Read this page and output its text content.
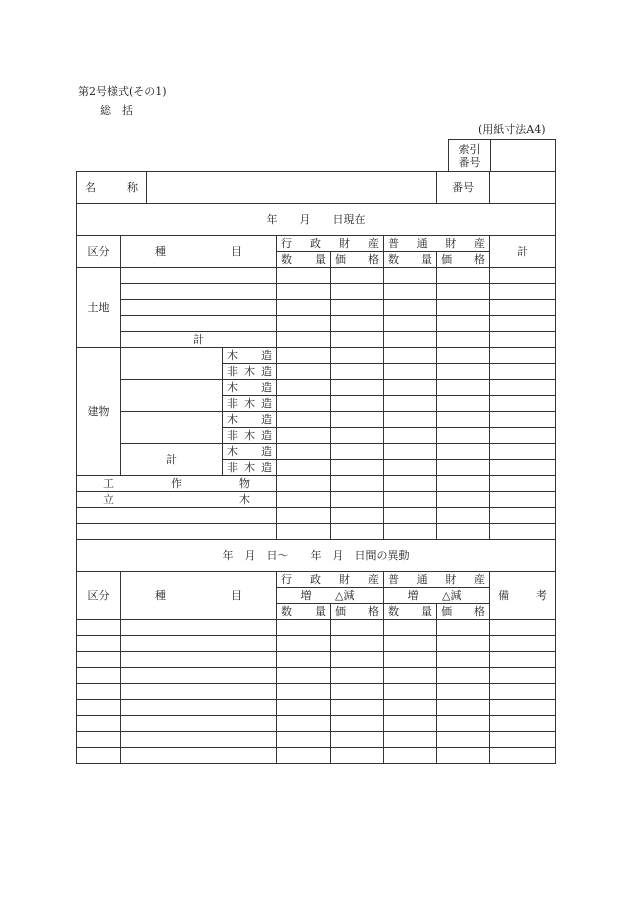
第2号様式(その1)
総　括
(用紙寸法A4)
索引
番号

名　　称							番号	
年　　月　　日現在								
区分	種　　目			行政財産		普通財産		計
				数量	価格	数量	価格	
土地								

	計							
建物			木造					
			非木造					
			木造					
			非木造					
			木造					
			非木造					
	計		木造					
			非木造					
工　作　物								
立　　木								

年　月　日〜　　年　月　日間の異動								
区分	種　　目			行政財産		普通財産		備　考
				増 △減		増 △減		
				数量	価格	数量	価格	
